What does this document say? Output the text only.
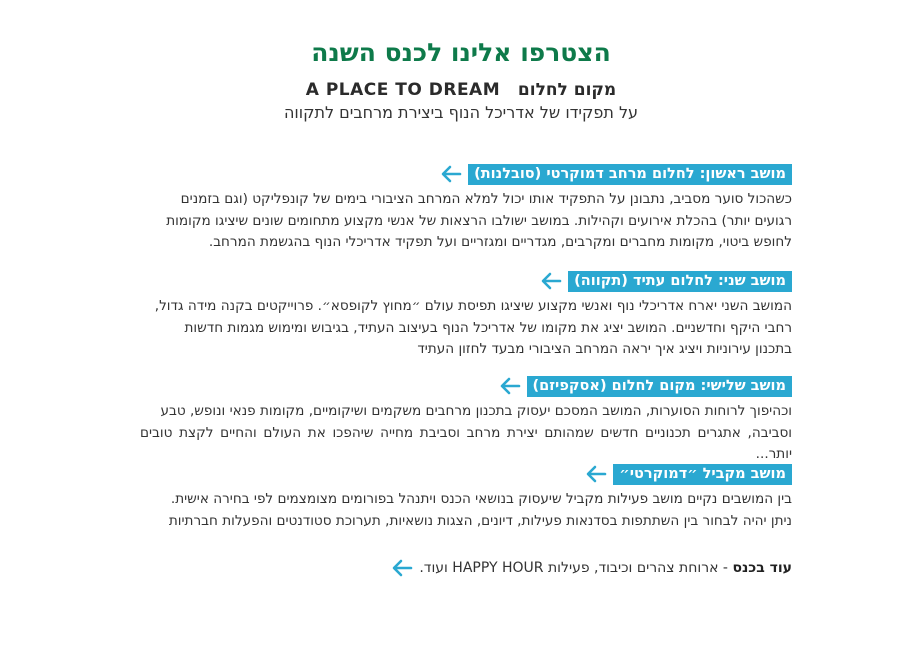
הצטרפו אלינו לכנס השנה
מקום לחלום   A PLACE TO DREAM
על תפקידו של אדריכל הנוף ביצירת מרחבים לתקווה
מושב ראשון: לחלום מרחב דמוקרטי (סובלנות)

כשהכול סוער מסביב, נתבונן על התפקיד אותו יכול למלא המרחב הציבורי בימים של קונפליקט (וגם בזמנים

רגועים יותר) בהכלת אירועים וקהילות. במושב ישולבו הרצאות של אנשי מקצוע מתחומים שונים שיציגו מקומות

לחופש ביטוי, מקומות מחברים ומקרבים, מגדריים ומגזריים ועל תפקיד אדריכלי הנוף בהגשמת המרחב.

מושב שני: לחלום עתיד (תקווה)

המושב השני יארח אדריכלי נוף ואנשי מקצוע שיציגו תפיסת עולם ״מחוץ לקופסא״. פרוייקטים בקנה מידה גדול,

רחבי היקף וחדשניים. המושב יציג את מקומו של אדריכל הנוף בעיצוב העתיד, בגיבוש ומימוש מגמות חדשות

בתכנון עירוניות ויציג איך יראה המרחב הציבורי מבעד לחזון העתיד

מושב שלישי: מקום לחלום (אסקפיזם)

וכהיפוך לרוחות הסוערות, המושב המסכם יעסוק בתכנון מרחבים משקמים ושיקומיים, מקומות פנאי ונופש, טבע

וסביבה, אתגרים תכנוניים חדשים שמהותם יצירת מרחב וסביבת מחייה שיהפכו את העולם והחיים לקצת טובים יותר...

מושב מקביל ״דמוקרטי״

בין המושבים נקיים מושב פעילות מקביל שיעסוק בנושאי הכנס ויתנהל בפורומים מצומצמים לפי בחירה אישית.

ניתן יהיה לבחור בין השתתפות בסדנאות פעילות, דיונים, הצגות נושאיות, תערוכת סטודנטים והפעלות חברתיות

עוד בכנס - ארוחת צהרים וכיבוד, פעילות HAPPY HOUR ועוד.
